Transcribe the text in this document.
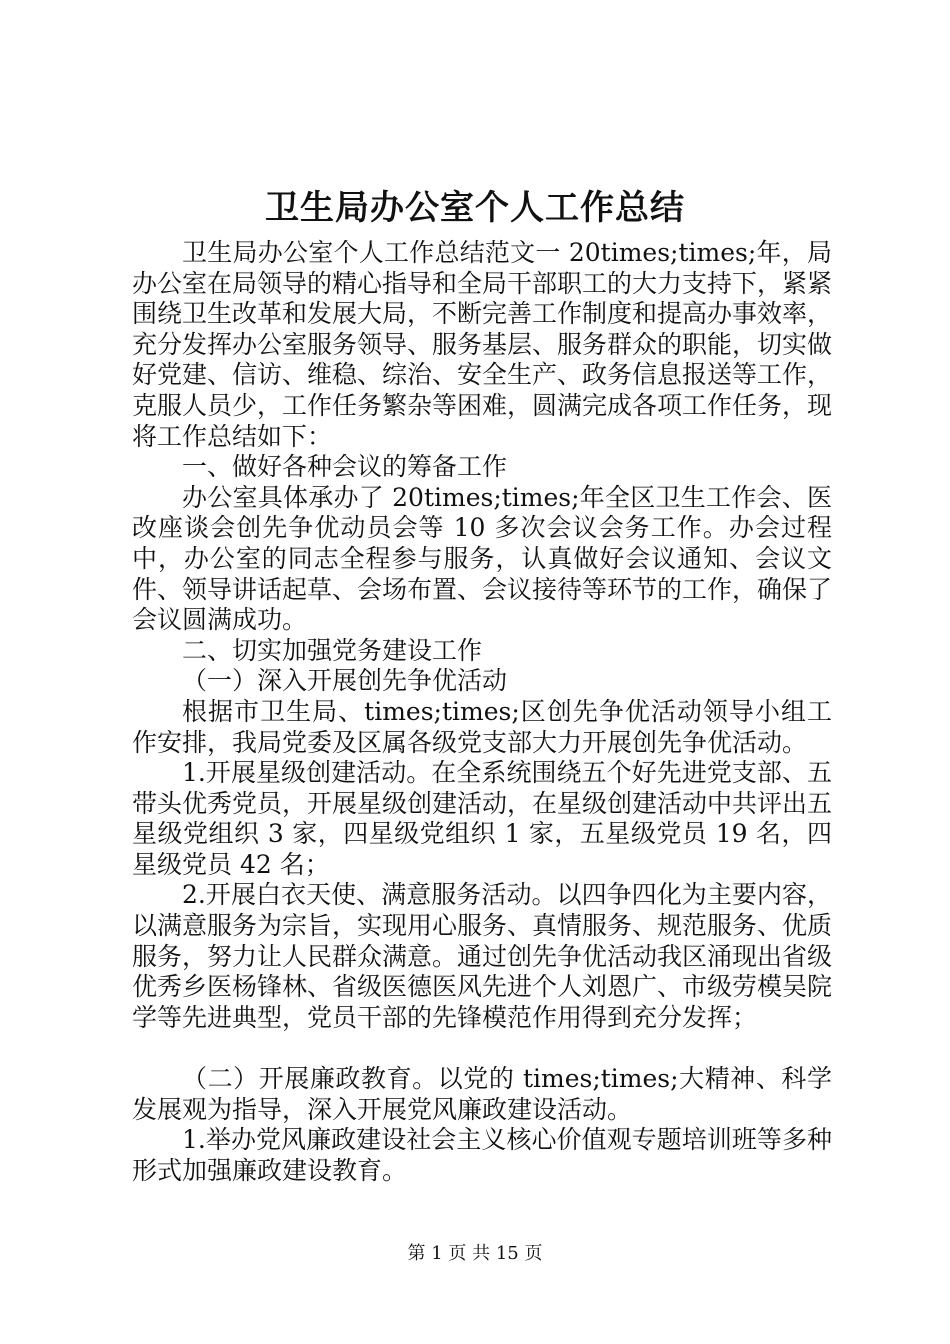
卫生局办公室个人工作总结

卫生局办公室个人工作总结范文一 20times;times;年，局办公室在局领导的精心指导和全局干部职工的大力支持下，紧紧围绕卫生改革和发展大局，不断完善工作制度和提高办事效率，充分发挥办公室服务领导、服务基层、服务群众的职能，切实做好党建、信访、维稳、综治、安全生产、政务信息报送等工作，克服人员少，工作任务繁杂等困难，圆满完成各项工作任务，现将工作总结如下：

一、做好各种会议的筹备工作

办公室具体承办了 20times;times;年全区卫生工作会、医改座谈会创先争优动员会等 10 多次会议会务工作。办会过程中，办公室的同志全程参与服务，认真做好会议通知、会议文件、领导讲话起草、会场布置、会议接待等环节的工作，确保了会议圆满成功。

二、切实加强党务建设工作

（一）深入开展创先争优活动

根据市卫生局、times;times;区创先争优活动领导小组工作安排，我局党委及区属各级党支部大力开展创先争优活动。

1.开展星级创建活动。在全系统围绕五个好先进党支部、五带头优秀党员，开展星级创建活动，在星级创建活动中共评出五星级党组织 3 家，四星级党组织 1 家，五星级党员 19 名，四星级党员 42 名；

2.开展白衣天使、满意服务活动。以四争四化为主要内容，以满意服务为宗旨，实现用心服务、真情服务、规范服务、优质服务，努力让人民群众满意。通过创先争优活动我区涌现出省级优秀乡医杨锋林、省级医德医风先进个人刘恩广、市级劳模吴院学等先进典型，党员干部的先锋模范作用得到充分发挥；

（二）开展廉政教育。以党的 times;times;大精神、科学发展观为指导，深入开展党风廉政建设活动。

1.举办党风廉政建设社会主义核心价值观专题培训班等多种形式加强廉政建设教育。

第 1 页 共 15 页
